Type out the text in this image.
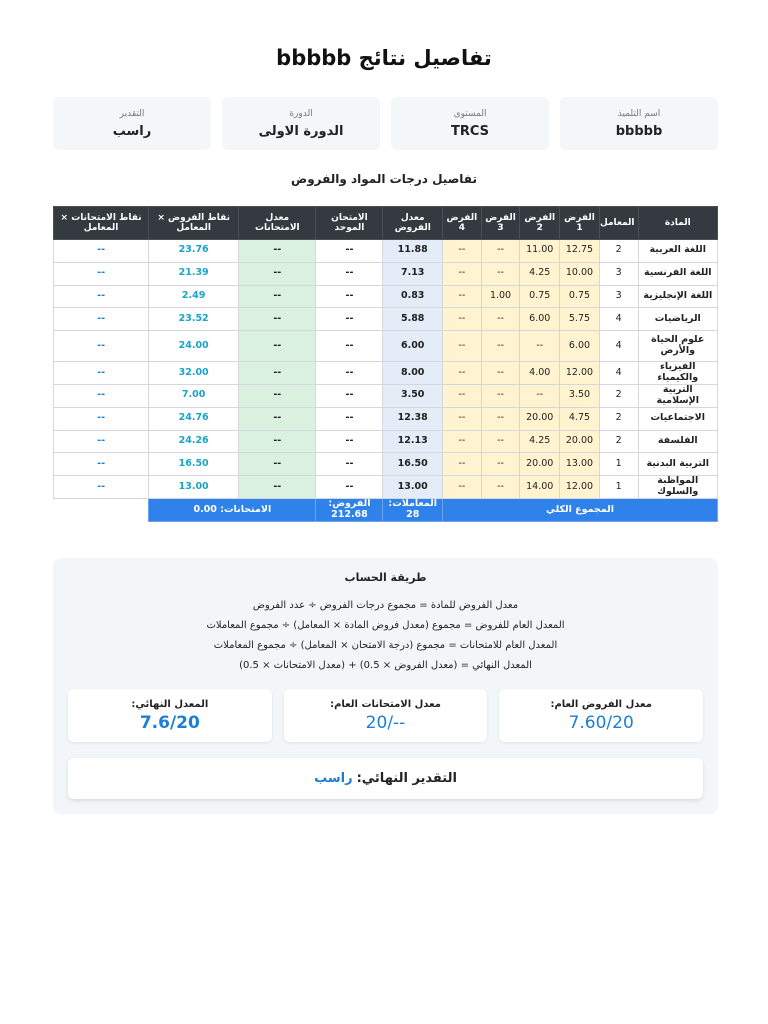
تفاصيل نتائج bbbbb
اسم التلميذ
bbbbb
المستوى
TRCS
الدورة
الدورة الاولى
التقدير
راسب
تفاصيل درجات المواد والفروض
المادة	المعامل	الفرض 1	الفرض 2	الفرض 3	الفرض 4	معدل الفروض	الامتحان الموحد	معدل الامتحانات	نقاط الفروض × المعامل	نقاط الامتحانات × المعامل
اللغة العربية	2	12.75	11.00	--	--	11.88	--	--	23.76	--
اللغة الفرنسية	3	10.00	4.25	--	--	7.13	--	--	21.39	--
اللغة الإنجليزية	3	0.75	0.75	1.00	--	0.83	--	--	2.49	--
الرياضيات	4	5.75	6.00	--	--	5.88	--	--	23.52	--
علوم الحياة والأرض	4	6.00	--	--	--	6.00	--	--	24.00	--
الفيزياء والكيمياء	4	12.00	4.00	--	--	8.00	--	--	32.00	--
التربية الإسلامية	2	3.50	--	--	--	3.50	--	--	7.00	--
الاجتماعيات	2	4.75	20.00	--	--	12.38	--	--	24.76	--
الفلسفة	2	20.00	4.25	--	--	12.13	--	--	24.26	--
التربية البدنية	1	13.00	20.00	--	--	16.50	--	--	16.50	--
المواظبة والسلوك	1	12.00	14.00	--	--	13.00	--	--	13.00	--
المجموع الكلي						المعاملات: 28	الفروض: 212.68	الامتحانات: 0.00		
طريقة الحساب
معدل الفروض للمادة = مجموع درجات الفروض ÷ عدد الفروض
المعدل العام للفروض = مجموع (معدل فروض المادة × المعامل) ÷ مجموع المعاملات
المعدل العام للامتحانات = مجموع (درجة الامتحان × المعامل) ÷ مجموع المعاملات
المعدل النهائي = (معدل الفروض × 0.5) + (معدل الامتحانات × 0.5)
معدل الفروض العام:
7.60/20
معدل الامتحانات العام:
--/20
المعدل النهائي:
7.6/20
التقدير النهائي:
راسب
